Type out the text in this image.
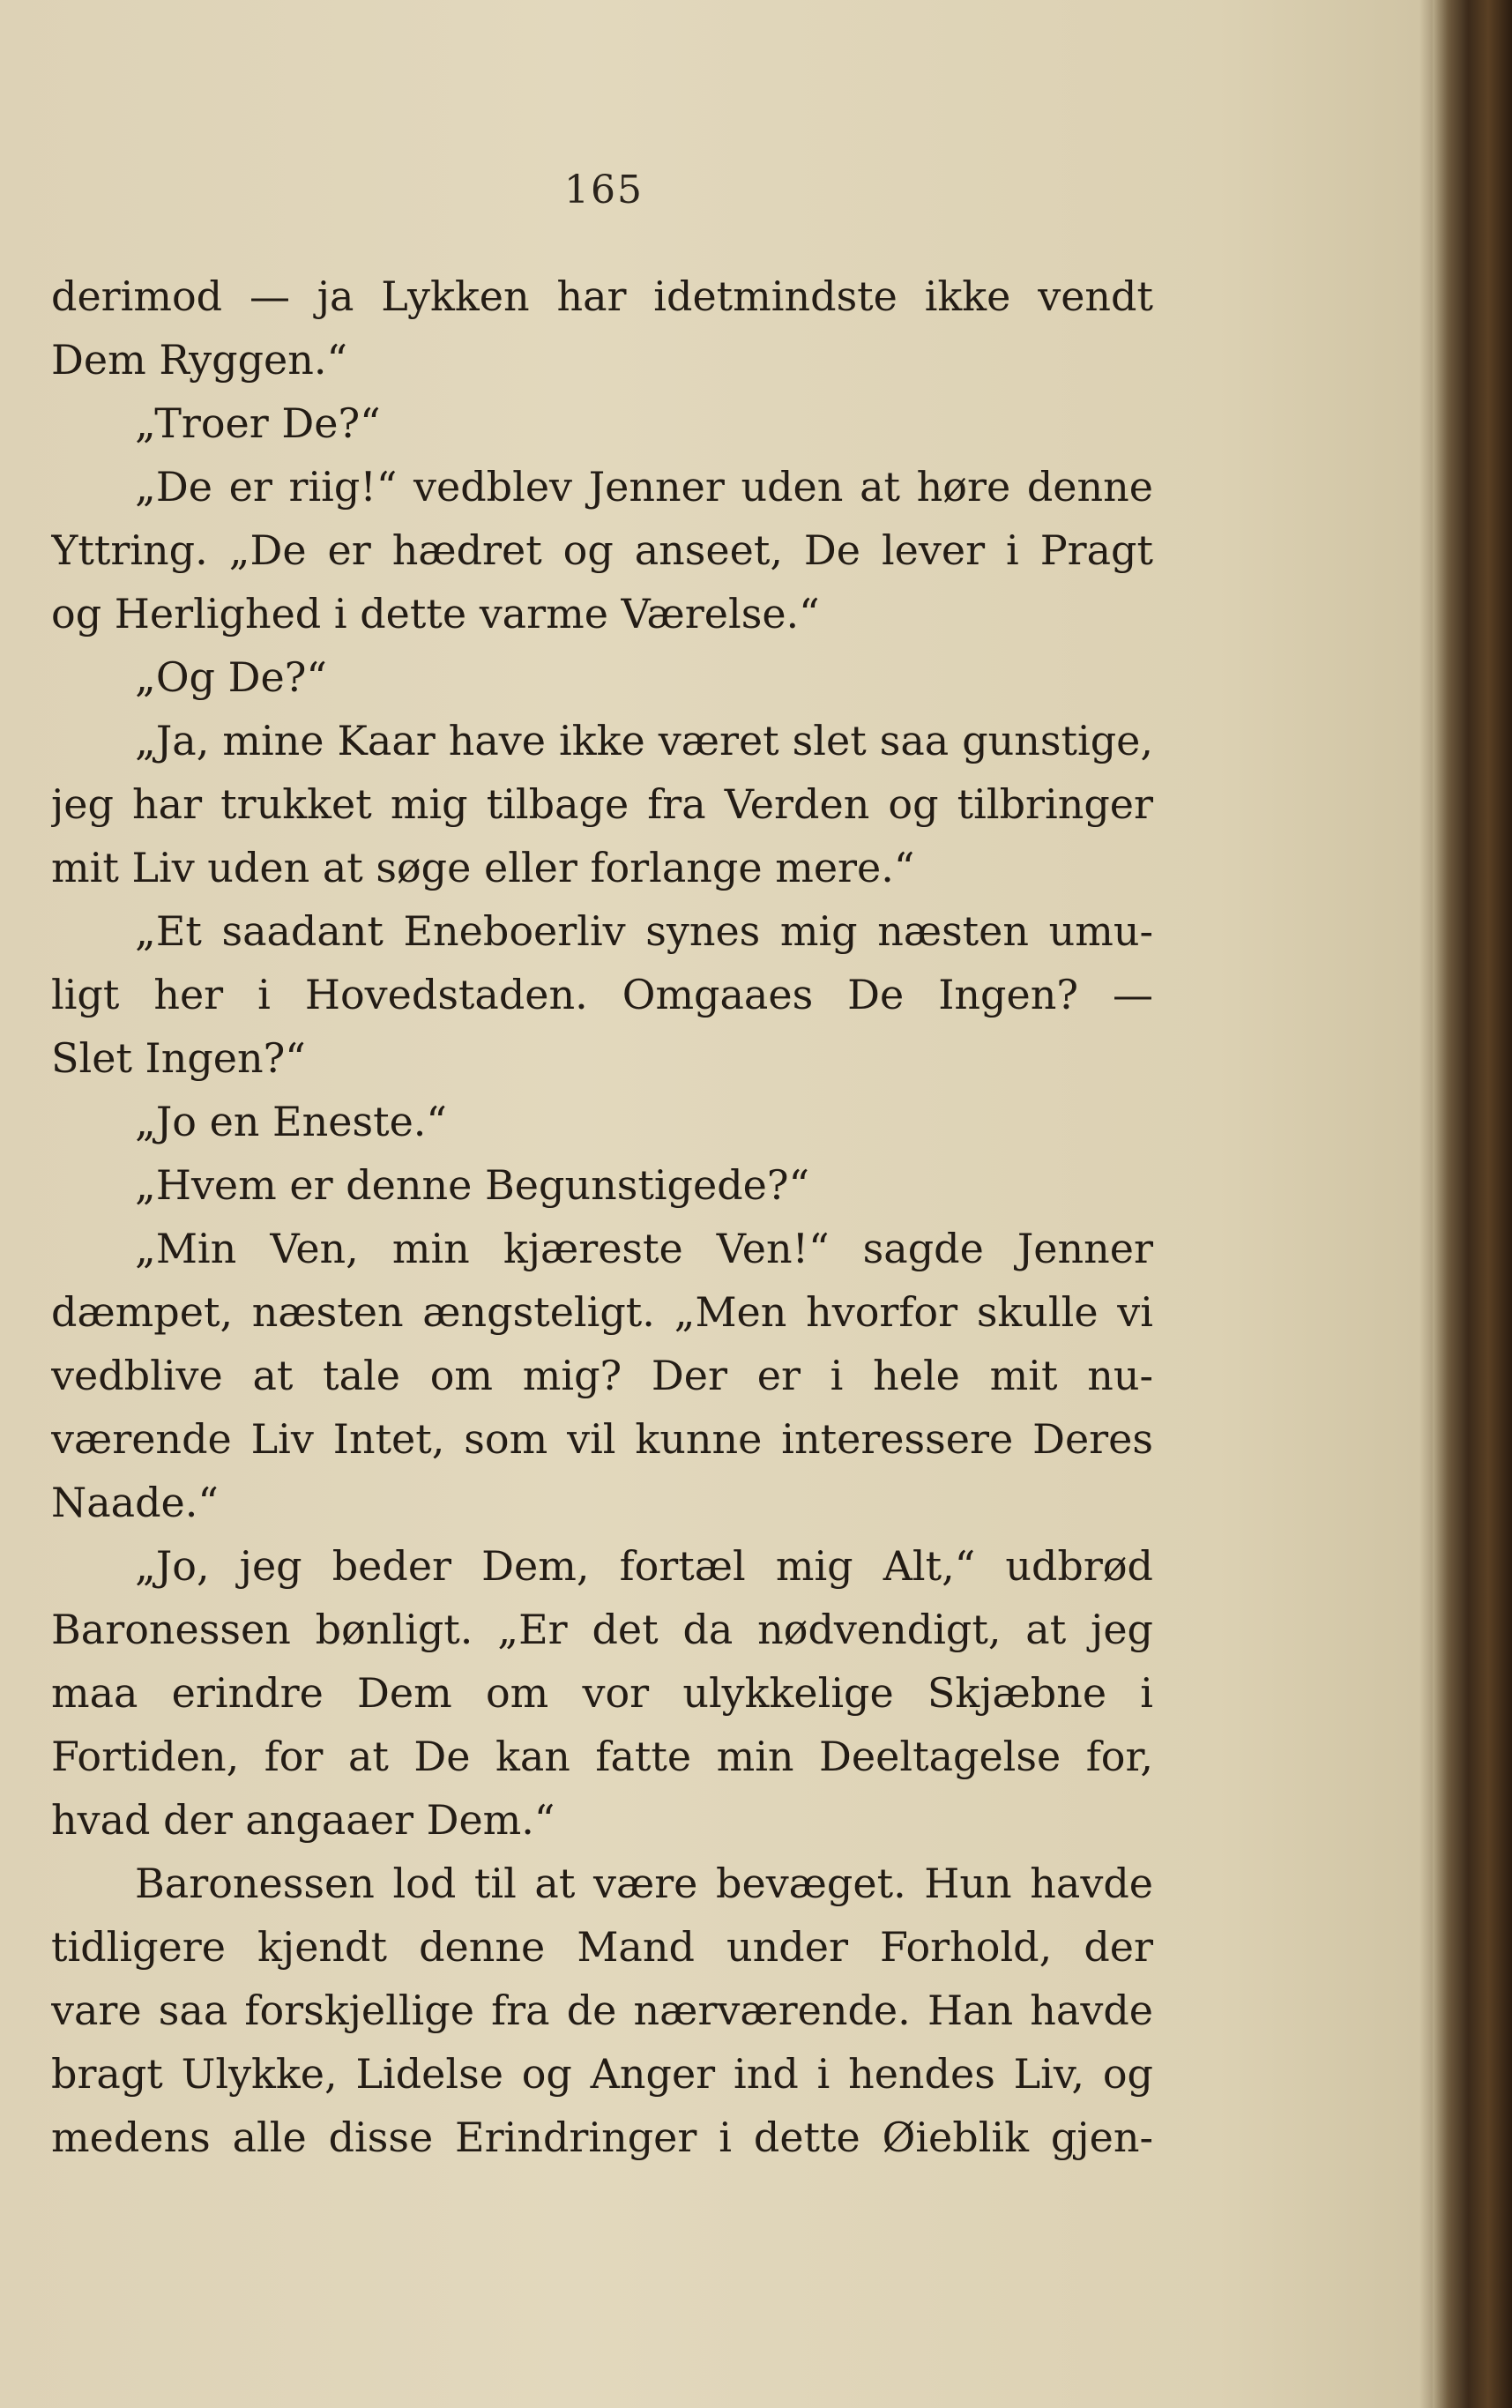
165
derimod — ja Lykken har idetmindste ikke vendt
Dem Ryggen.“
„Troer De?“
„De er riig!“ vedblev Jenner uden at høre denne
Yttring. „De er hædret og anseet, De lever i Pragt
og Herlighed i dette varme Værelse.“
„Og De?“
„Ja, mine Kaar have ikke været slet saa gunstige,
jeg har trukket mig tilbage fra Verden og tilbringer
mit Liv uden at søge eller forlange mere.“
„Et saadant Eneboerliv synes mig næsten umu-
ligt her i Hovedstaden. Omgaaes De Ingen? —
Slet Ingen?“
„Jo en Eneste.“
„Hvem er denne Begunstigede?“
„Min Ven, min kjæreste Ven!“ sagde Jenner
dæmpet, næsten ængsteligt. „Men hvorfor skulle vi
vedblive at tale om mig? Der er i hele mit nu-
værende Liv Intet, som vil kunne interessere Deres
Naade.“
„Jo, jeg beder Dem, fortæl mig Alt,“ udbrød
Baronessen bønligt. „Er det da nødvendigt, at jeg
maa erindre Dem om vor ulykkelige Skjæbne i
Fortiden, for at De kan fatte min Deeltagelse for,
hvad der angaaer Dem.“
Baronessen lod til at være bevæget. Hun havde
tidligere kjendt denne Mand under Forhold, der
vare saa forskjellige fra de nærværende. Han havde
bragt Ulykke, Lidelse og Anger ind i hendes Liv, og
medens alle disse Erindringer i dette Øieblik gjen-
